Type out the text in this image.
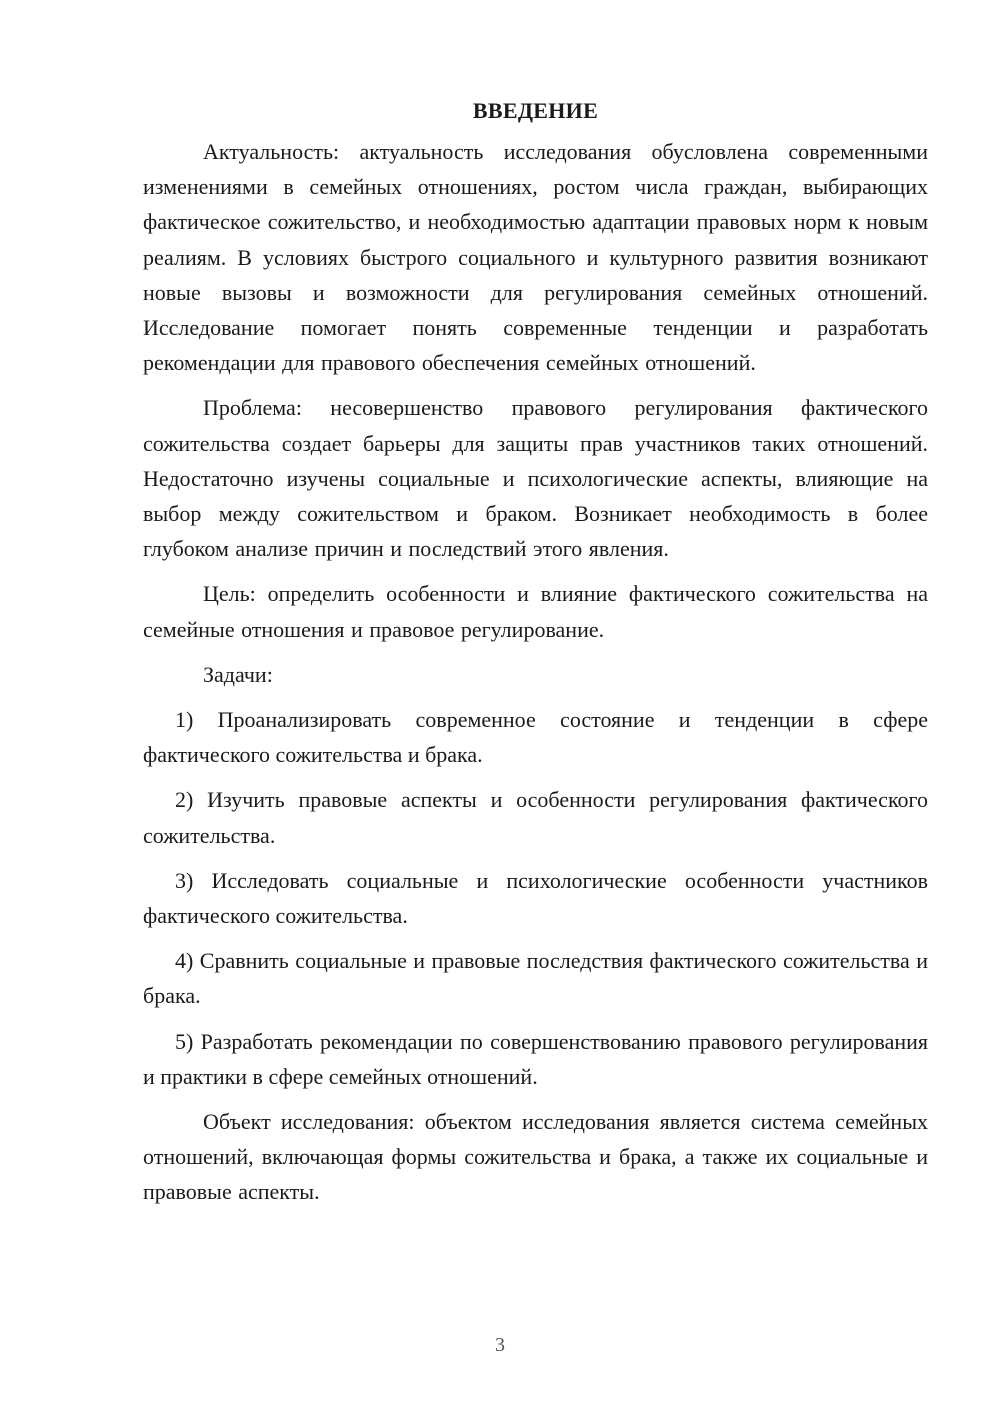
ВВЕДЕНИЕ

Актуальность: актуальность исследования обусловлена современными изменениями в семейных отношениях, ростом числа граждан, выбирающих фактическое сожительство, и необходимостью адаптации правовых норм к новым реалиям. В условиях быстрого социального и культурного развития возникают новые вызовы и возможности для регулирования семейных отношений. Исследование помогает понять современные тенденции и разработать рекомендации для правового обеспечения семейных отношений.

Проблема: несовершенство правового регулирования фактического сожительства создает барьеры для защиты прав участников таких отношений. Недостаточно изучены социальные и психологические аспекты, влияющие на выбор между сожительством и браком. Возникает необходимость в более глубоком анализе причин и последствий этого явления.

Цель: определить особенности и влияние фактического сожительства на семейные отношения и правовое регулирование.

Задачи:

1) Проанализировать современное состояние и тенденции в сфере фактического сожительства и брака.

2) Изучить правовые аспекты и особенности регулирования фактического сожительства.

3) Исследовать социальные и психологические особенности участников фактического сожительства.

4) Сравнить социальные и правовые последствия фактического сожительства и брака.

5) Разработать рекомендации по совершенствованию правового регулирования и практики в сфере семейных отношений.

Объект исследования: объектом исследования является система семейных отношений, включающая формы сожительства и брака, а также их социальные и правовые аспекты.

3
